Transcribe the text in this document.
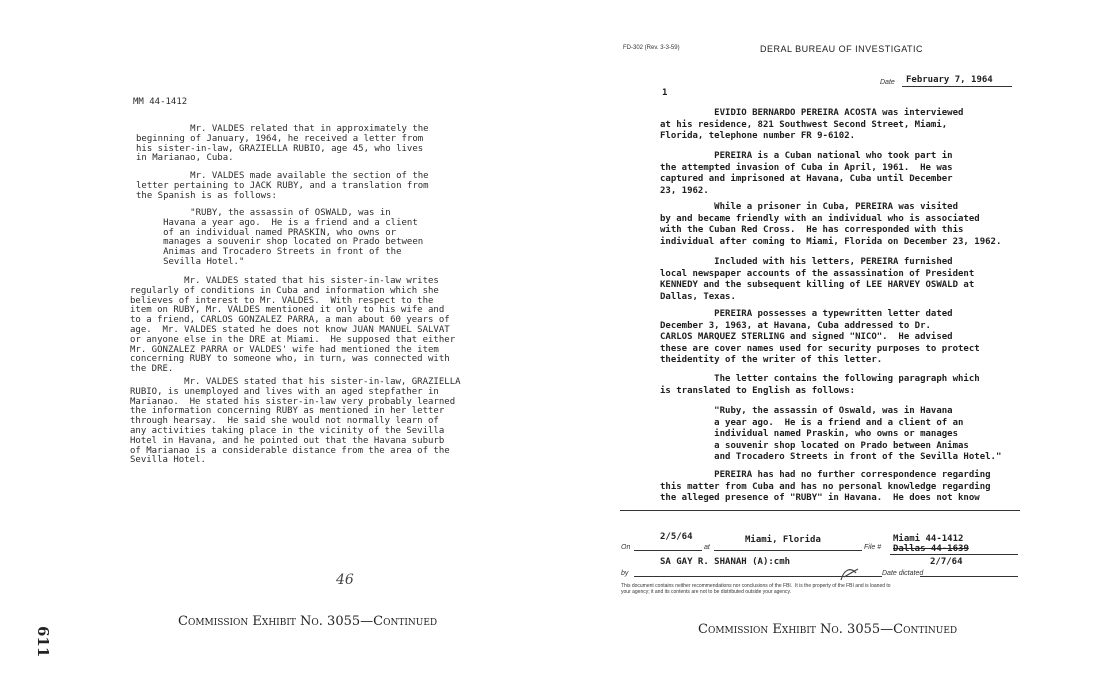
MM 44-1412
Mr. VALDES related that in approximately the
beginning of January, 1964, he received a letter from
his sister-in-law, GRAZIELLA RUBIO, age 45, who lives
in Marianao, Cuba.
Mr. VALDES made available the section of the
letter pertaining to JACK RUBY, and a translation from
the Spanish is as follows:
"RUBY, the assassin of OSWALD, was in
Havana a year ago.  He is a friend and a client
of an individual named PRASKIN, who owns or
manages a souvenir shop located on Prado between
Animas and Trocadero Streets in front of the
Sevilla Hotel."
Mr. VALDES stated that his sister-in-law writes
regularly of conditions in Cuba and information which she
believes of interest to Mr. VALDES.  With respect to the
item on RUBY, Mr. VALDES mentioned it only to his wife and
to a friend, CARLOS GONZALEZ PARRA, a man about 60 years of
age.  Mr. VALDES stated he does not know JUAN MANUEL SALVAT
or anyone else in the DRE at Miami.  He supposed that either
Mr. GONZALEZ PARRA or VALDES' wife had mentioned the item
concerning RUBY to someone who, in turn, was connected with
the DRE.
Mr. VALDES stated that his sister-in-law, GRAZIELLA
RUBIO, is unemployed and lives with an aged stepfather in
Marianao.  He stated his sister-in-law very probably learned
the information concerning RUBY as mentioned in her letter
through hearsay.  He said she would not normally learn of
any activities taking place in the vicinity of the Sevilla
Hotel in Havana, and he pointed out that the Havana suburb
of Marianao is a considerable distance from the area of the
Sevilla Hotel.
46
Commission Exhibit No. 3055—Continued
611
FD-302 (Rev. 3-3-59)	DERAL BUREAU OF INVESTIGATIC
Date February 7, 1964
1
EVIDIO BERNARDO PEREIRA ACOSTA was interviewed
at his residence, 821 Southwest Second Street, Miami,
Florida, telephone number FR 9-6102.
PEREIRA is a Cuban national who took part in
the attempted invasion of Cuba in April, 1961.  He was
captured and imprisoned at Havana, Cuba until December
23, 1962.
While a prisoner in Cuba, PEREIRA was visited
by and became friendly with an individual who is associated
with the Cuban Red Cross.  He has corresponded with this
individual after coming to Miami, Florida on December 23, 1962.
Included with his letters, PEREIRA furnished
local newspaper accounts of the assassination of President
KENNEDY and the subsequent killing of LEE HARVEY OSWALD at
Dallas, Texas.
PEREIRA possesses a typewritten letter dated
December 3, 1963, at Havana, Cuba addressed to Dr.
CARLOS MARQUEZ STERLING and signed "NICO".  He advised
these are cover names used for security purposes to protect
theidentity of the writer of this letter.
The letter contains the following paragraph which
is translated to English as follows:
"Ruby, the assassin of Oswald, was in Havana
a year ago.  He is a friend and a client of an
individual named Praskin, who owns or manages
a souvenir shop located on Prado between Animas
and Trocadero Streets in front of the Sevilla Hotel."
PEREIRA has had no further correspondence regarding
this matter from Cuba and has no personal knowledge regarding
the alleged presence of "RUBY" in Havana.  He does not know
On
2/5/64
at
Miami, Florida
File #
Miami 44-1412
Dallas 44-1639
SA GAY R. SHANAH (A):cmh
by	Date dictated
2/7/64
This document contains neither recommendations nor conclusions of the FBI.  It is the property of the FBI and is loaned to
your agency; it and its contents are not to be distributed outside your agency.
Commission Exhibit No. 3055—Continued
